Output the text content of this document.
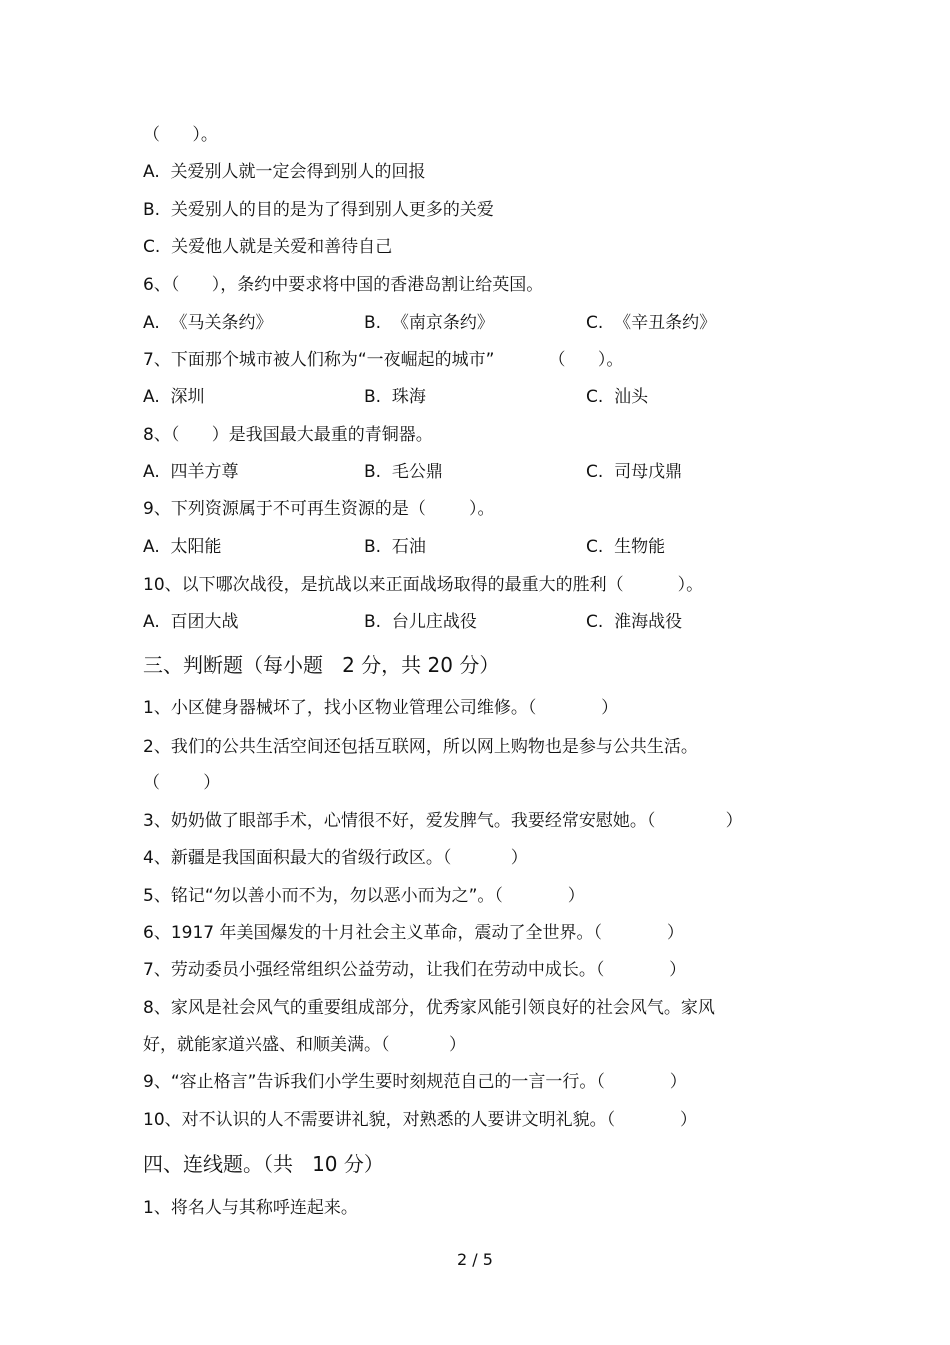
（      ）。
A.  关爱别人就一定会得到别人的回报
B.  关爱别人的目的是为了得到别人更多的关爱
C.  关爱他人就是关爱和善待自己
6、（      ），条约中要求将中国的香港岛割让给英国。
A.  《马关条约》	B.  《南京条约》	C.  《辛丑条约》
7、下面那个城市被人们称为“一夜崛起的城市”          （      ）。
A.  深圳	B.  珠海	C.  汕头
8、（      ）是我国最大最重的青铜器。
A.  四羊方尊	B.  毛公鼎	C.  司母戊鼎
9、下列资源属于不可再生资源的是（        ）。
A.  太阳能	B.  石油	C.  生物能
10、以下哪次战役，是抗战以来正面战场取得的最重大的胜利（          ）。
A.  百团大战	B.  台儿庄战役	C.  淮海战役
三、判断题（每小题   2 分，共 20 分）
1、小区健身器械坏了，找小区物业管理公司维修。（            ）
2、我们的公共生活空间还包括互联网，所以网上购物也是参与公共生活。
（        ）
3、奶奶做了眼部手术，心情很不好，爱发脾气。我要经常安慰她。（             ）
4、新疆是我国面积最大的省级行政区。（           ）
5、铭记“勿以善小而不为，勿以恶小而为之”。（            ）
6、1917 年美国爆发的十月社会主义革命，震动了全世界。（            ）
7、劳动委员小强经常组织公益劳动，让我们在劳动中成长。（            ）
8、家风是社会风气的重要组成部分，优秀家风能引领良好的社会风气。家风
好，就能家道兴盛、和顺美满。（           ）
9、“容止格言”告诉我们小学生要时刻规范自己的一言一行。（            ）
10、对不认识的人不需要讲礼貌，对熟悉的人要讲文明礼貌。（            ）
四、连线题。（共   10 分）
1、将名人与其称呼连起来。
2 / 5
